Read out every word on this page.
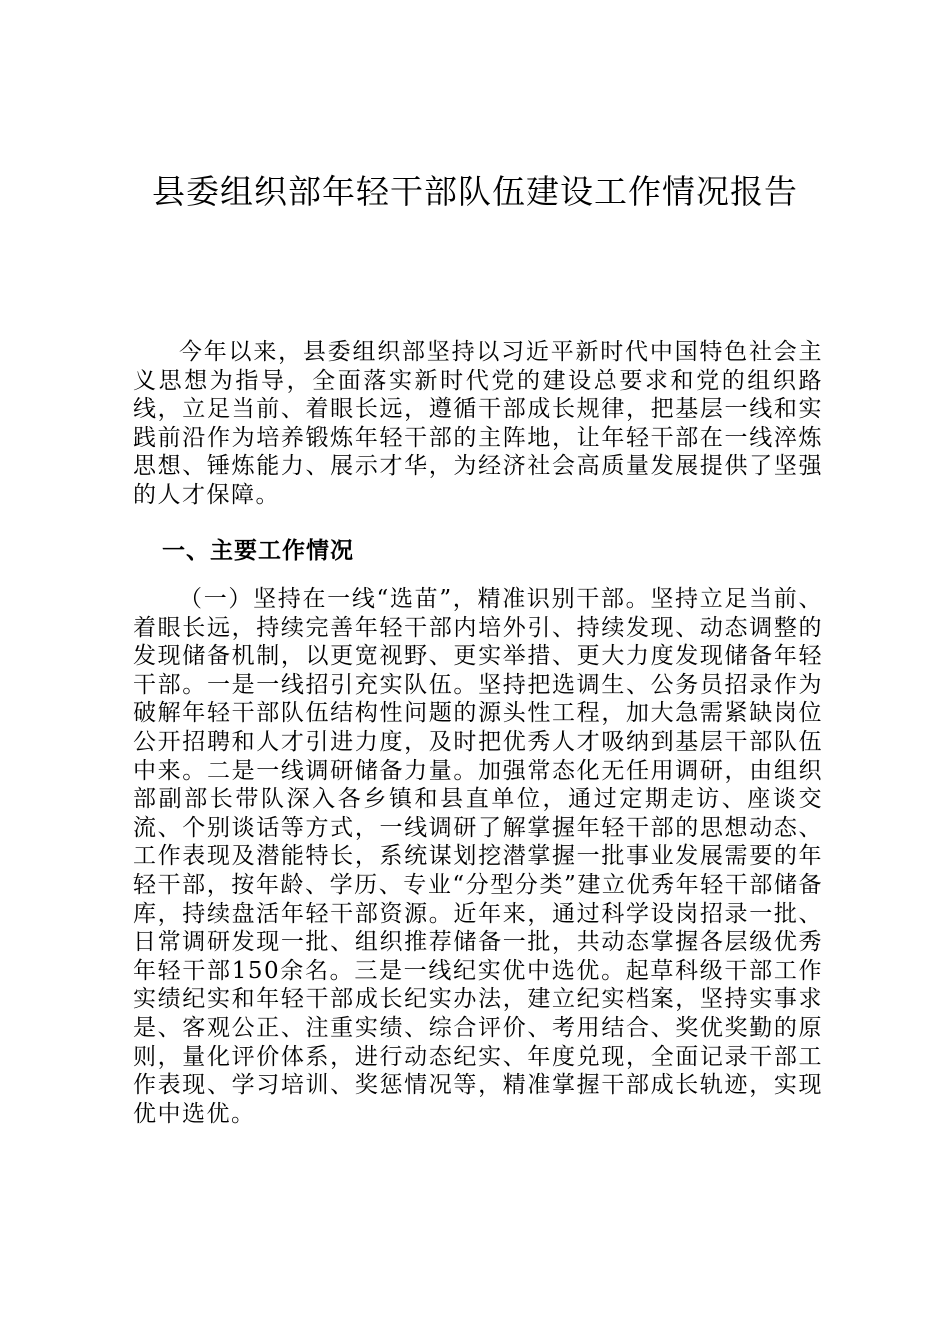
县委组织部年轻干部队伍建设工作情况报告

今年以来，县委组织部坚持以习近平新时代中国特色社会主义思想为指导，全面落实新时代党的建设总要求和党的组织路线，立足当前、着眼长远，遵循干部成长规律，把基层一线和实践前沿作为培养锻炼年轻干部的主阵地，让年轻干部在一线淬炼思想、锤炼能力、展示才华，为经济社会高质量发展提供了坚强的人才保障。

一、主要工作情况

（一）坚持在一线“选苗”，精准识别干部。坚持立足当前、着眼长远，持续完善年轻干部内培外引、持续发现、动态调整的发现储备机制，以更宽视野、更实举措、更大力度发现储备年轻干部。一是一线招引充实队伍。坚持把选调生、公务员招录作为破解年轻干部队伍结构性问题的源头性工程，加大急需紧缺岗位公开招聘和人才引进力度，及时把优秀人才吸纳到基层干部队伍中来。二是一线调研储备力量。加强常态化无任用调研，由组织部副部长带队深入各乡镇和县直单位，通过定期走访、座谈交流、个别谈话等方式，一线调研了解掌握年轻干部的思想动态、工作表现及潜能特长，系统谋划挖潜掌握一批事业发展需要的年轻干部，按年龄、学历、专业“分型分类”建立优秀年轻干部储备库，持续盘活年轻干部资源。近年来，通过科学设岗招录一批、日常调研发现一批、组织推荐储备一批，共动态掌握各层级优秀年轻干部150余名。三是一线纪实优中选优。起草科级干部工作实绩纪实和年轻干部成长纪实办法，建立纪实档案，坚持实事求是、客观公正、注重实绩、综合评价、考用结合、奖优奖勤的原则，量化评价体系，进行动态纪实、年度兑现，全面记录干部工作表现、学习培训、奖惩情况等，精准掌握干部成长轨迹，实现优中选优。
